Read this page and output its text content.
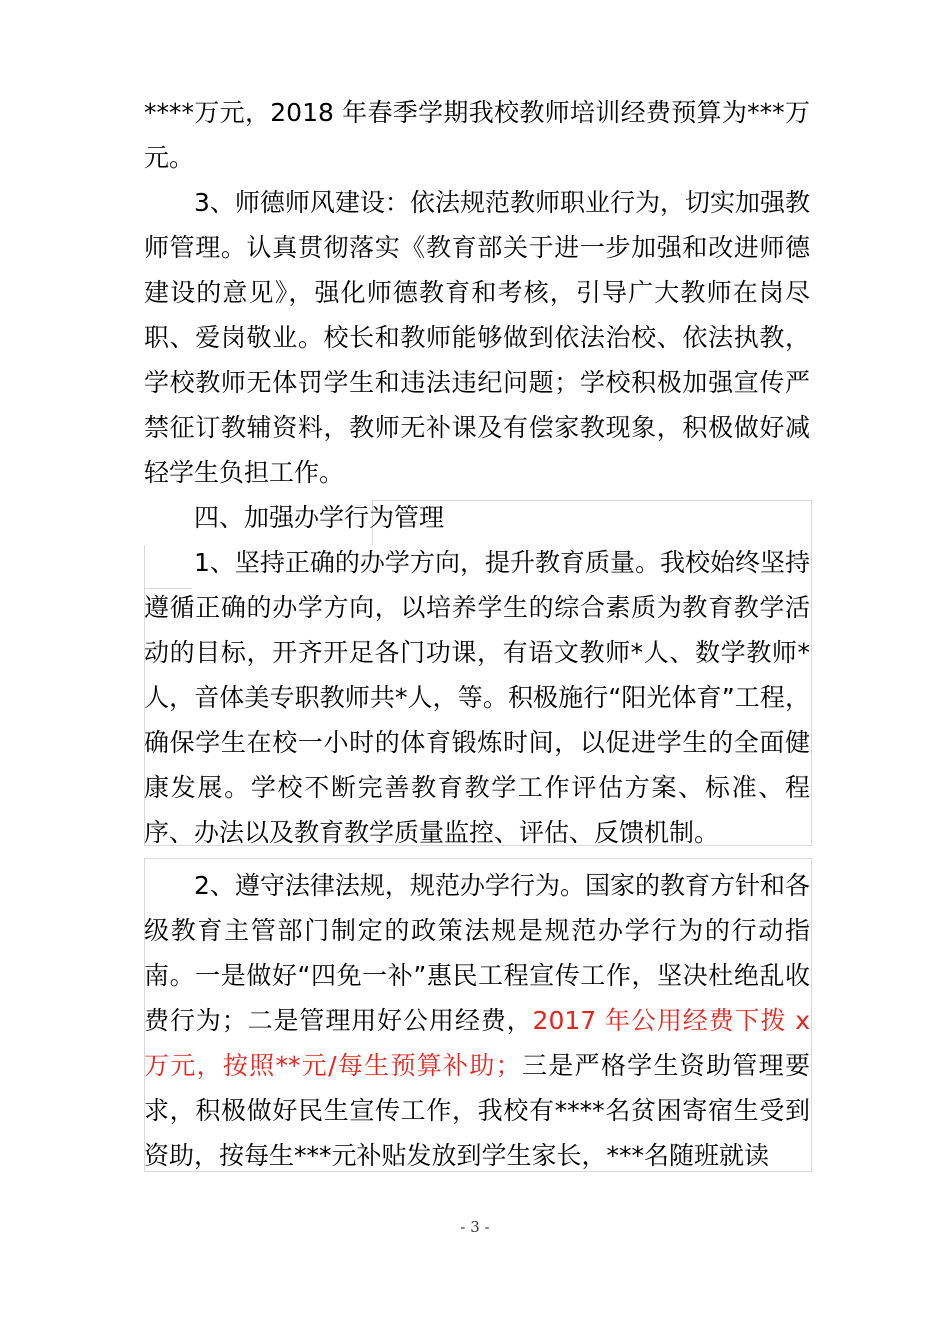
****万元，2018 年春季学期我校教师培训经费预算为***万元。

3、师德师风建设：依法规范教师职业行为，切实加强教师管理。认真贯彻落实《教育部关于进一步加强和改进师德建设的意见》，强化师德教育和考核，引导广大教师在岗尽职、爱岗敬业。校长和教师能够做到依法治校、依法执教，学校教师无体罚学生和违法违纪问题；学校积极加强宣传严禁征订教辅资料，教师无补课及有偿家教现象，积极做好减轻学生负担工作。

四、加强办学行为管理

1、坚持正确的办学方向，提升教育质量。我校始终坚持遵循正确的办学方向，以培养学生的综合素质为教育教学活动的目标，开齐开足各门功课，有语文教师*人、数学教师*人，音体美专职教师共*人，等。积极施行“阳光体育”工程，确保学生在校一小时的体育锻炼时间，以促进学生的全面健康发展。学校不断完善教育教学工作评估方案、标准、程序、办法以及教育教学质量监控、评估、反馈机制。

2、遵守法律法规，规范办学行为。国家的教育方针和各级教育主管部门制定的政策法规是规范办学行为的行动指南。一是做好“四免一补”惠民工程宣传工作，坚决杜绝乱收费行为；二是管理用好公用经费，2017 年公用经费下拨 x 万元，按照**元/每生预算补助；三是严格学生资助管理要求，积极做好民生宣传工作，我校有****名贫困寄宿生受到资助，按每生***元补贴发放到学生家长，***名随班就读

- 3 -
